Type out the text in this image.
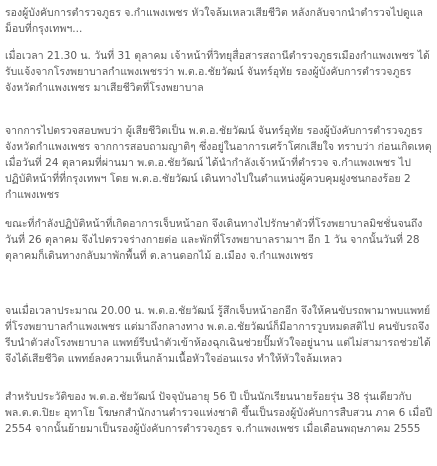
รองผู้บังคับการตำรวจภูธร จ.กำแพงเพชร หัวใจล้มเหลวเสียชีวิต หลังกลับจากนำตำรวจไปดูแลม็อบที่กรุงเทพฯ...

เมื่อเวลา 21.30 น. วันที่ 31 ตุลาคม เจ้าหน้าที่วิทยุสื่อสารสถานีตำรวจภูธรเมืองกำแพงเพชร ได้รับแจ้งจากโรงพยาบาลกำแพงเพชรว่า พ.ต.อ.ชัยวัฒน์ จันทร์อุทัย รองผู้บังคับการตำรวจภูธรจังหวัดกำแพงเพชร มาเสียชีวิตที่โรงพยาบาล

จากการไปตรวจสอบพบว่า ผู้เสียชีวิตเป็น พ.ต.อ.ชัยวัฒน์ จันทร์อุทัย รองผู้บังคับการตำรวจภูธรจังหวัดกำแพงเพชร จากการสอบถามญาติๆ ซึ่งอยู่ในอาการเศร้าโศกเสียใจ ทราบว่า ก่อนเกิดเหตุเมื่อวันที่ 24 ตุลาคมที่ผ่านมา พ.ต.อ.ชัยวัฒน์ ได้นำกำลังเจ้าหน้าที่ตำรวจ จ.กำแพงเพชร ไปปฏิบัติหน้าที่ที่กรุงเทพฯ โดย พ.ต.อ.ชัยวัฒน์ เดินทางไปในตำแหน่งผู้ควบคุมฝูงชนกองร้อย 2 กำแพงเพชร

ขณะที่กำลังปฏิบัติหน้าที่เกิดอาการเจ็บหน้าอก จึงเดินทางไปรักษาตัวที่โรงพยาบาลมิชชั่นจนถึงวันที่ 26 ตุลาคม จึงไปตรวจร่างกายต่อ และพักที่โรงพยาบาลรามาฯ อีก 1 วัน จากนั้นวันที่ 28 ตุลาคมก็เดินทางกลับมาพักพื้นที่ ต.ลานดอกไม้ อ.เมือง จ.กำแพงเพชร

จนเมื่อเวลาประมาณ 20.00 น. พ.ต.อ.ชัยวัฒน์ รู้สึกเจ็บหน้าอกอีก จึงให้คนขับรถพามาพบแพทย์ที่โรงพยาบาลกำแพงเพชร แต่มาถึงกลางทาง พ.ต.อ.ชัยวัฒน์ก็มีอาการวูบหมดสติไป คนขับรถจึงรีบนำตัวส่งโรงพยาบาล แพทย์รีบนำตัวเข้าห้องฉุกเฉินช่วยปั๊มหัวใจอยู่นาน แต่ไม่สามารถช่วยได้ จึงได้เสียชีวิต แพทย์ลงความเห็นกล้ามเนื้อหัวใจอ่อนแรง ทำให้หัวใจล้มเหลว

สำหรับประวัติของ พ.ต.อ.ชัยวัฒน์ ปัจจุบันอายุ 56 ปี เป็นนักเรียนนายร้อยรุ่น 38 รุ่นเดียวกับ พล.ต.ต.ปิยะ อุทาโย โฆษกสำนักงานตำรวจแห่งชาติ ขึ้นเป็นรองผู้บังคับการสืบสวน ภาค 6 เมื่อปี 2554 จากนั้นย้ายมาเป็นรองผู้บังคับการตำรวจภูธร จ.กำแพงเพชร เมื่อเดือนพฤษภาคม 2555
